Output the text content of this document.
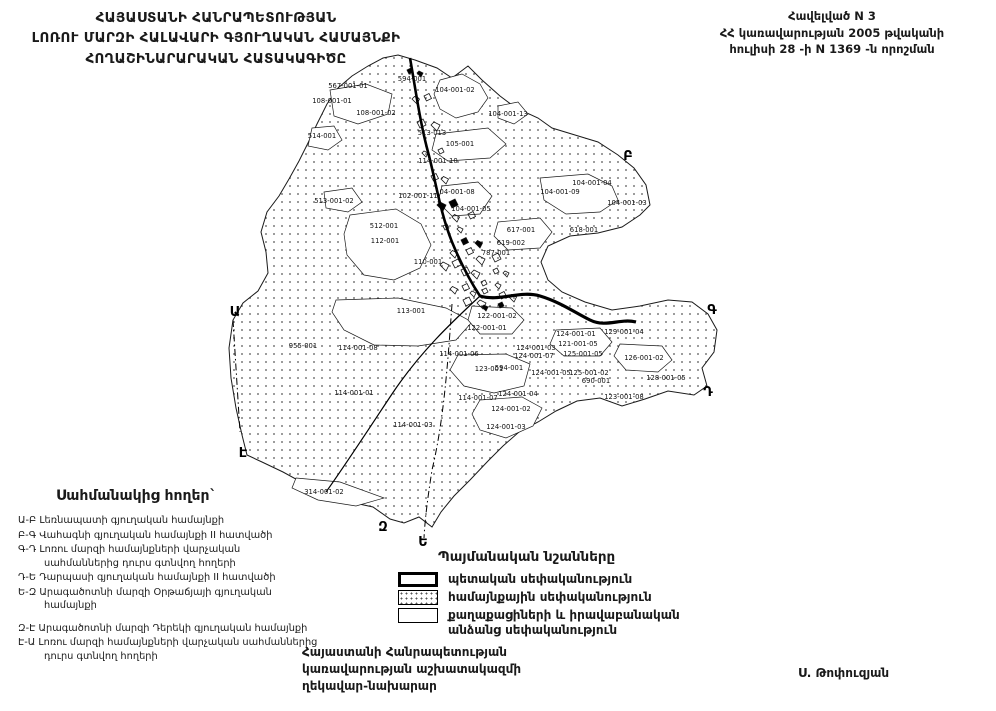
594-001
567-001-01	104-001-02
108-001-01
108-001-02	104-001-13
513-013
514-001
105-001
114-001-10
104-001-04
104-001-09
104-001-08
102-001-11
513-001-02	104-001-03
104-001-05
512-001	617-001	618-001
112-001	619-002
787-001
110-001
113-001
122-001-02
122-001-01	129-001-04
124-001-01
121-001-05
955-001	114-001-08	124-001-03
125-001-05
114-001-06	124-001-07	126-001-02
123-001
594-001
124-001-05
125-001-02
690-001	128-001-05
114-001-01	124-001-04	123-001-08
114-001-07
124-001-02
114-001-03	124-001-03
314-001-02
Ա
Բ
Գ
Դ
Ե
Զ
Է
ՀԱՅԱՍՏԱՆԻ ՀԱՆՐԱՊԵՏՈՒԹՅԱՆ
ԼՈՌՈՒ ՄԱՐԶԻ ՀԱԼԱՎԱՐԻ ԳՅՈՒՂԱԿԱՆ ՀԱՄԱՅՆՔԻ
ՀՈՂԱՇԻՆԱՐԱՐԱԿԱՆ ՀԱՏԱԿԱԳԻԾԸ
Հավելված N 3
ՀՀ կառավարության 2005 թվականի
հուլիսի 28 -ի N 1369 -ն որոշման
Սահմանակից հողեր`
Ա-Բ Լեռնապատի գյուղական համայնքի
Բ-Գ Վահագնի գյուղական համայնքի II հատվածի
Գ-Դ Լոռու մարզի համայնքների վարչական սահմաններից դուրս գտնվող հողերի
Դ-Ե Դարպասի գյուղական համայնքի II հատվածի
Ե-Զ Արագածոտնի մարզի Օրթաճյայի գյուղական համայնքի
Զ-Է Արագածոտնի մարզի Դերեկի գյուղական համայնքի
Է-Ա Լոռու մարզի համայնքների վարչական սահմաններից դուրս գտնվող հողերի
Պայմանական նշանները
պետական սեփականություն
համայնքային սեփականություն
քաղաքացիների և իրավաբանական անձանց սեփականություն
Հայաստանի Հանրապետության
կառավարության աշխատակազմի
ղեկավար-նախարար
Ս. Թոփուզյան
